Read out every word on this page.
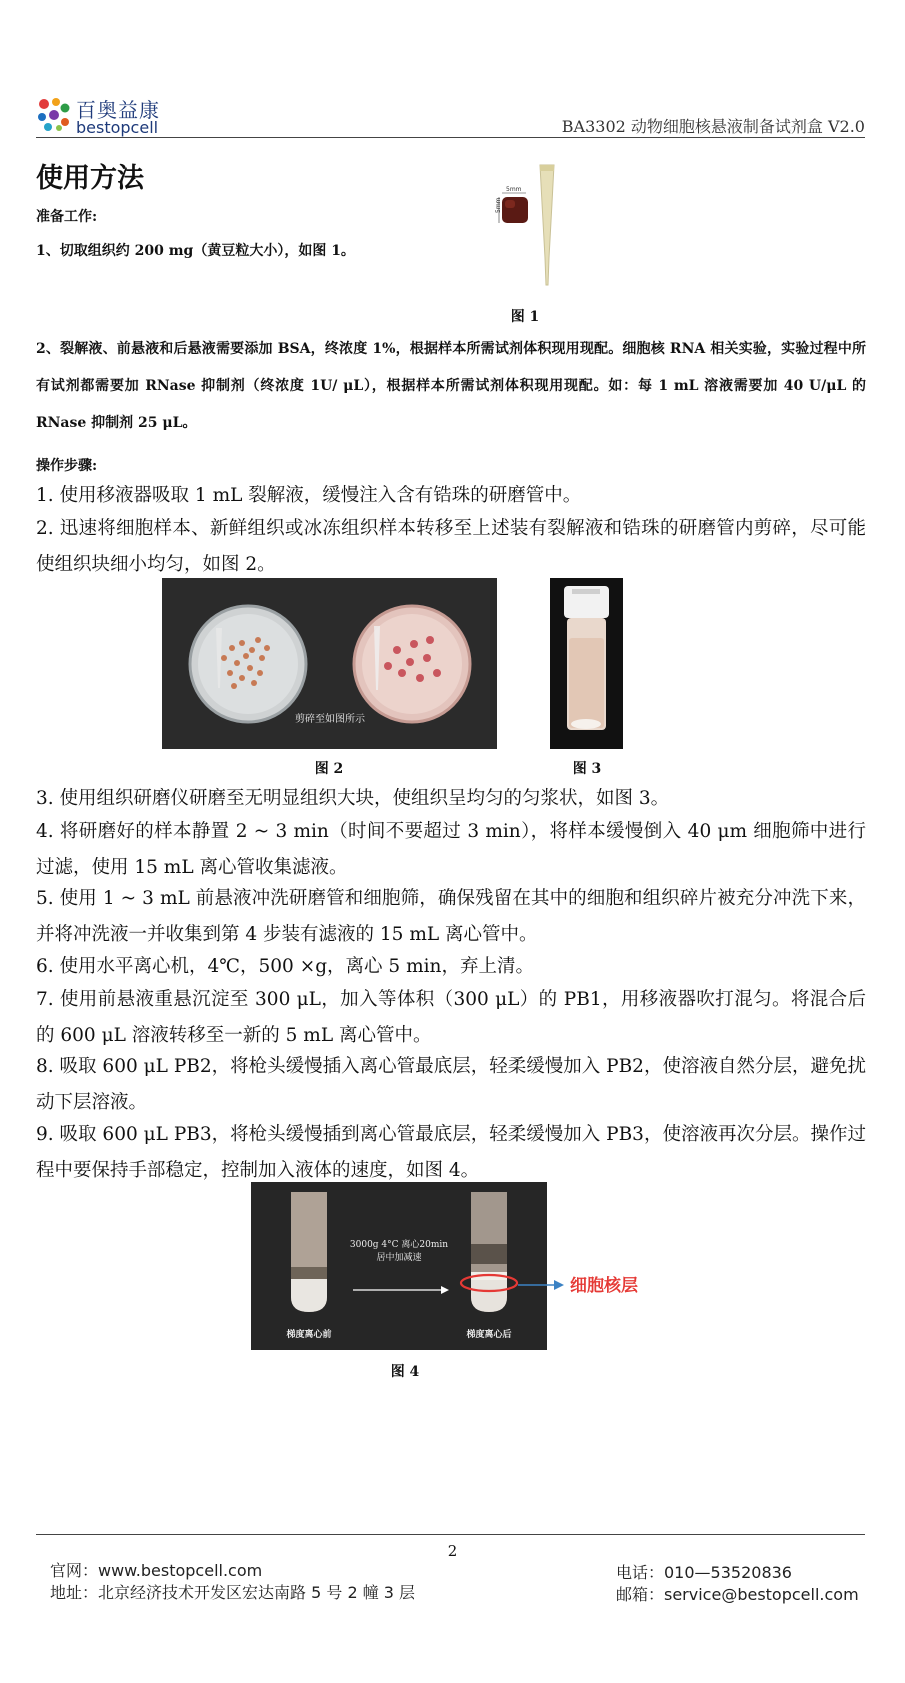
百奥益康
bestopcell	BA3302 动物细胞核悬液制备试剂盒 V2.0
使用方法
准备工作:
1、切取组织约 200 mg（黄豆粒大小），如图 1。
5mm
5mm
图 1
2、裂解液、前悬液和后悬液需要添加 BSA，终浓度 1%，根据样本所需试剂体积现用现配。细胞核 RNA 相关实验，实验过程中所有试剂都需要加 RNase 抑制剂（终浓度 1U/ μL），根据样本所需试剂体积现用现配。如：每 1 mL 溶液需要加 40 U/μL 的 RNase 抑制剂 25 μL。
操作步骤:
1. 使用移液器吸取 1 mL 裂解液，缓慢注入含有锆珠的研磨管中。
2. 迅速将细胞样本、新鲜组织或冰冻组织样本转移至上述装有裂解液和锆珠的研磨管内剪碎，尽可能使组织块细小均匀，如图 2。
剪碎至如图所示
图 2	图 3
3. 使用组织研磨仪研磨至无明显组织大块，使组织呈均匀的匀浆状，如图 3。
4. 将研磨好的样本静置 2 ~ 3 min（时间不要超过 3 min），将样本缓慢倒入 40 μm 细胞筛中进行过滤，使用 15 mL 离心管收集滤液。
5. 使用 1 ~ 3 mL 前悬液冲洗研磨管和细胞筛，确保残留在其中的细胞和组织碎片被充分冲洗下来，并将冲洗液一并收集到第 4 步装有滤液的 15 mL 离心管中。
6. 使用水平离心机，4℃，500 ×g，离心 5 min，弃上清。
7. 使用前悬液重悬沉淀至 300 μL，加入等体积（300 μL）的 PB1，用移液器吹打混匀。将混合后的 600 μL 溶液转移至一新的 5 mL 离心管中。
8. 吸取 600 μL PB2，将枪头缓慢插入离心管最底层，轻柔缓慢加入 PB2，使溶液自然分层，避免扰动下层溶液。
9. 吸取 600 μL PB3，将枪头缓慢插到离心管最底层，轻柔缓慢加入 PB3，使溶液再次分层。操作过程中要保持手部稳定，控制加入液体的速度，如图 4。
3000g 4°C 离心20min
居中加减速
梯度离心前	梯度离心后
细胞核层
图 4
2
官网：www.bestopcell.com
地址：北京经济技术开发区宏达南路 5 号 2 幢 3 层
电话：010—53520836
邮箱：service@bestopcell.com
